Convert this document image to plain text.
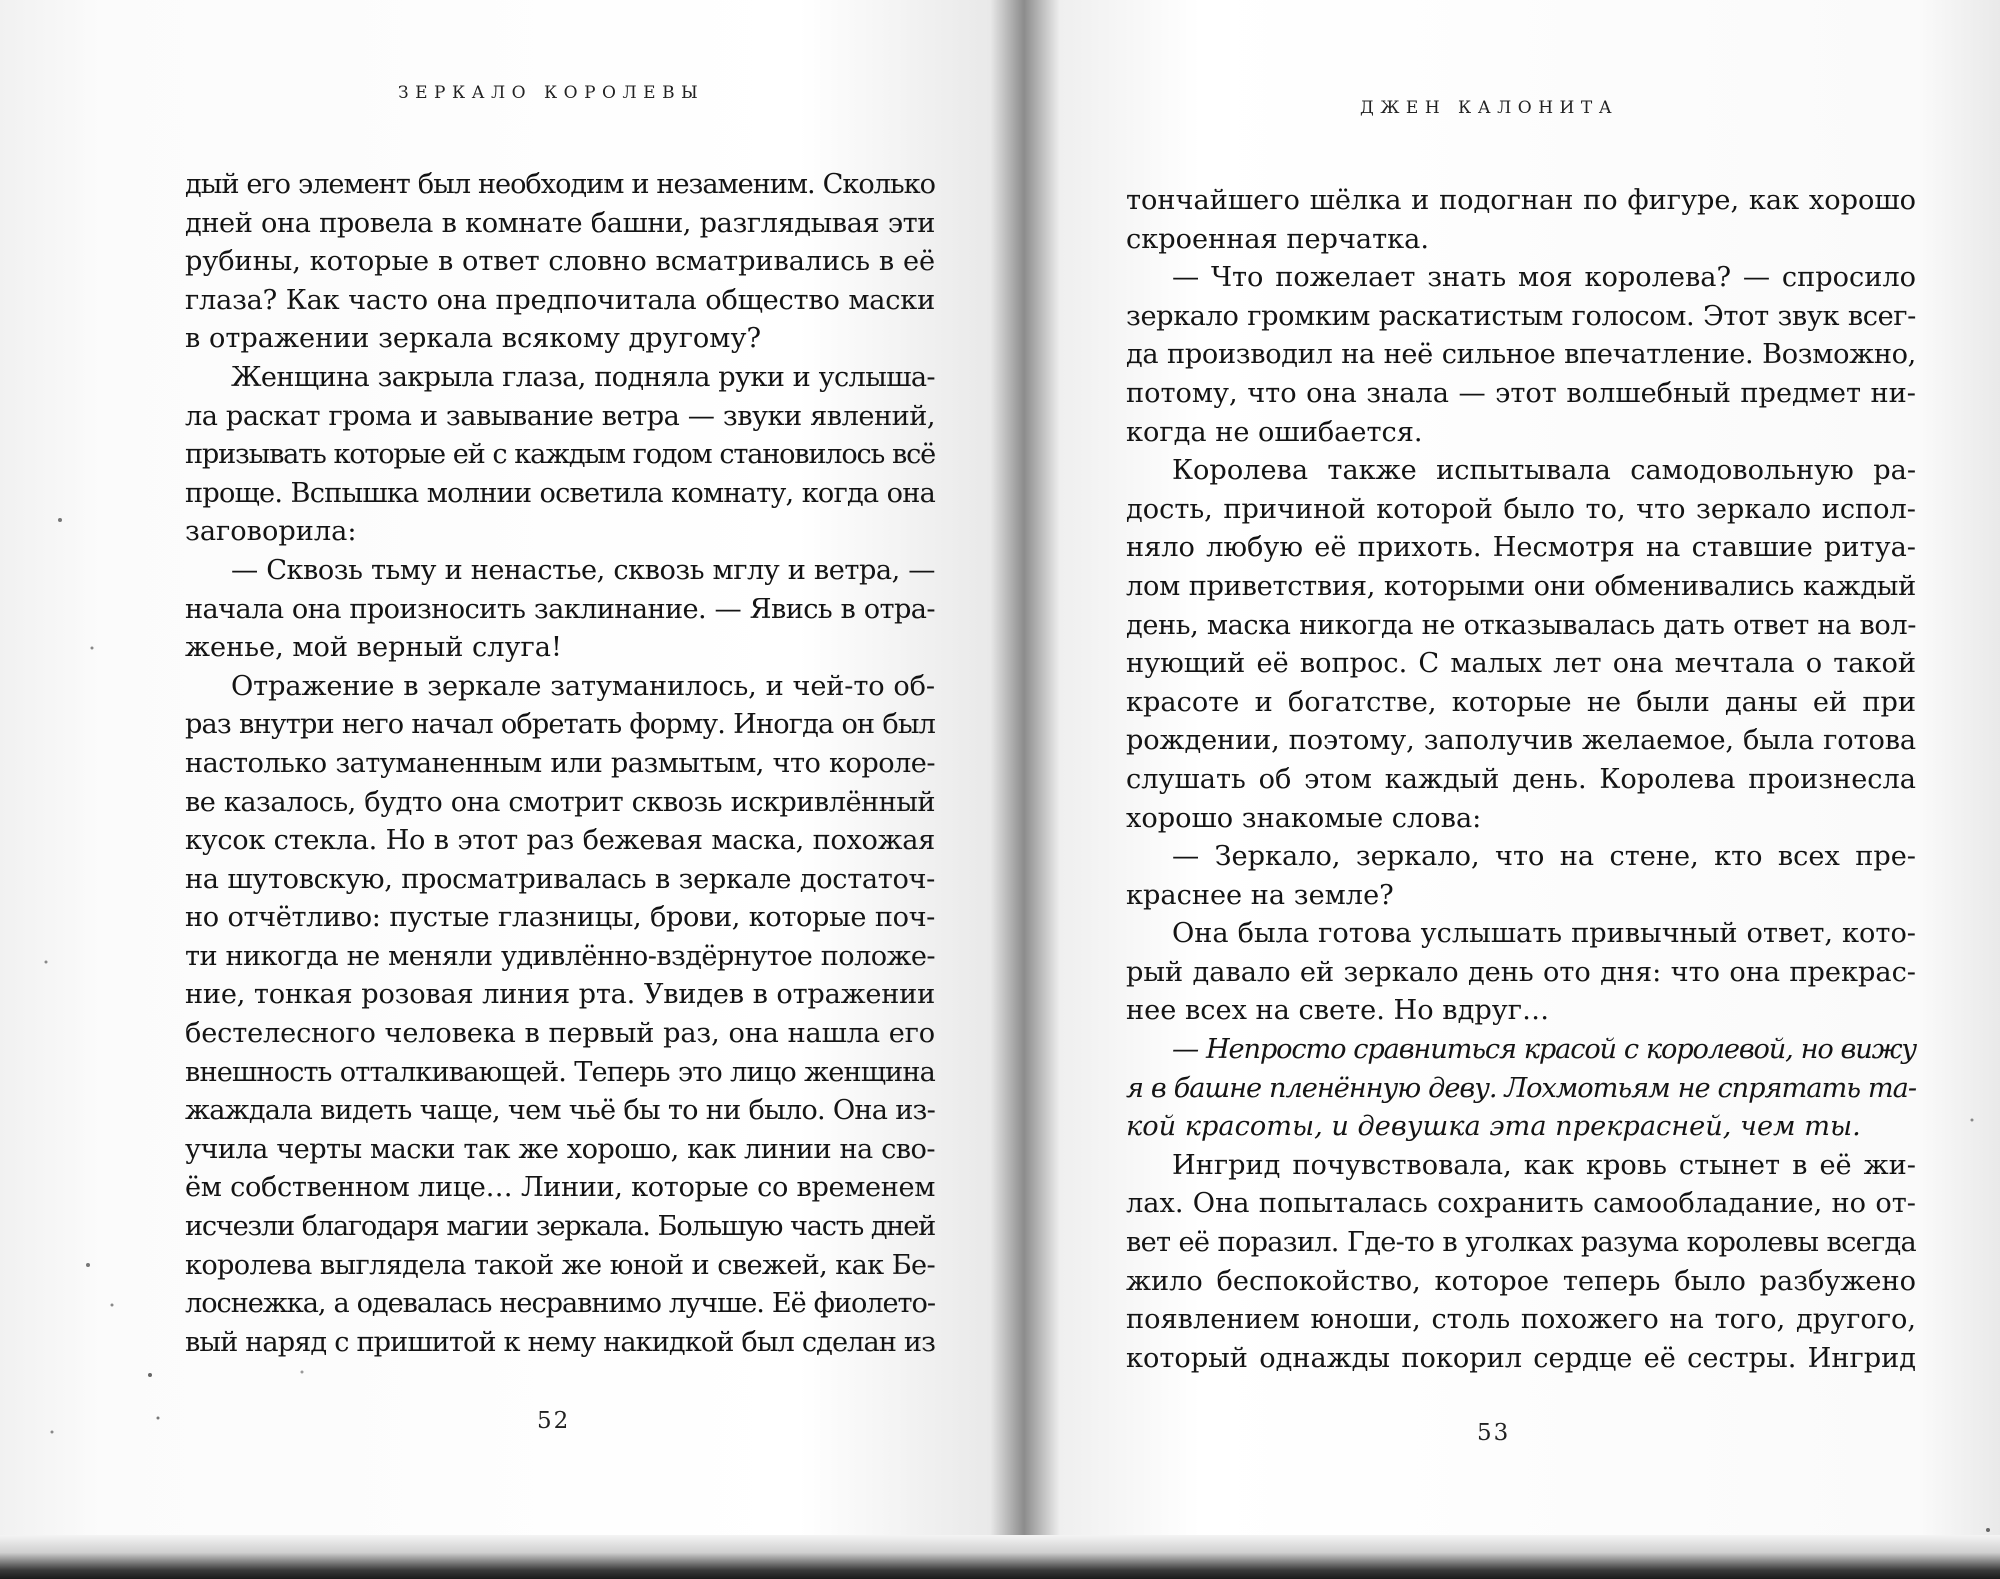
ЗЕРКАЛО КОРОЛЕВЫ
дый его элемент был необходим и незаменим. Сколько
дней она провела в комнате башни, разглядывая эти
рубины, которые в ответ словно всматривались в её
глаза? Как часто она предпочитала общество маски
в отражении зеркала всякому другому?
Женщина закрыла глаза, подняла руки и услыша-
ла раскат грома и завывание ветра — звуки явлений,
призывать которые ей с каждым годом становилось всё
проще. Вспышка молнии осветила комнату, когда она
заговорила:
— Сквозь тьму и ненастье, сквозь мглу и ветра, —
начала она произносить заклинание. — Явись в отра-
женье, мой верный слуга!
Отражение в зеркале затуманилось, и чей-то об-
раз внутри него начал обретать форму. Иногда он был
настолько затуманенным или размытым, что короле-
ве казалось, будто она смотрит сквозь искривлённый
кусок стекла. Но в этот раз бежевая маска, похожая
на шутовскую, просматривалась в зеркале достаточ-
но отчётливо: пустые глазницы, брови, которые поч-
ти никогда не меняли удивлённо-вздёрнутое положе-
ние, тонкая розовая линия рта. Увидев в отражении
бестелесного человека в первый раз, она нашла его
внешность отталкивающей. Теперь это лицо женщина
жаждала видеть чаще, чем чьё бы то ни было. Она из-
учила черты маски так же хорошо, как линии на сво-
ём собственном лице… Линии, которые со временем
исчезли благодаря магии зеркала. Большую часть дней
королева выглядела такой же юной и свежей, как Бе-
лоснежка, а одевалась несравнимо лучше. Её фиолето-
вый наряд с пришитой к нему накидкой был сделан из
52
ДЖЕН КАЛОНИТА
тончайшего шёлка и подогнан по фигуре, как хорошо
скроенная перчатка.
— Что пожелает знать моя королева? — спросило
зеркало громким раскатистым голосом. Этот звук всег-
да производил на неё сильное впечатление. Возможно,
потому, что она знала — этот волшебный предмет ни-
когда не ошибается.
Королева также испытывала самодовольную ра-
дость, причиной которой было то, что зеркало испол-
няло любую её прихоть. Несмотря на ставшие ритуа-
лом приветствия, которыми они обменивались каждый
день, маска никогда не отказывалась дать ответ на вол-
нующий её вопрос. С малых лет она мечтала о такой
красоте и богатстве, которые не были даны ей при
рождении, поэтому, заполучив желаемое, была готова
слушать об этом каждый день. Королева произнесла
хорошо знакомые слова:
— Зеркало, зеркало, что на стене, кто всех пре-
краснее на земле?
Она была готова услышать привычный ответ, кото-
рый давало ей зеркало день ото дня: что она прекрас-
нее всех на свете. Но вдруг…
— Непросто сравниться красой с королевой, но вижу
я в башне пленённую деву. Лохмотьям не спрятать та-
кой красоты, и девушка эта прекрасней, чем ты.
Ингрид почувствовала, как кровь стынет в её жи-
лах. Она попыталась сохранить самообладание, но от-
вет её поразил. Где-то в уголках разума королевы всегда
жило беспокойство, которое теперь было разбужено
появлением юноши, столь похожего на того, другого,
который однажды покорил сердце её сестры. Ингрид
53
